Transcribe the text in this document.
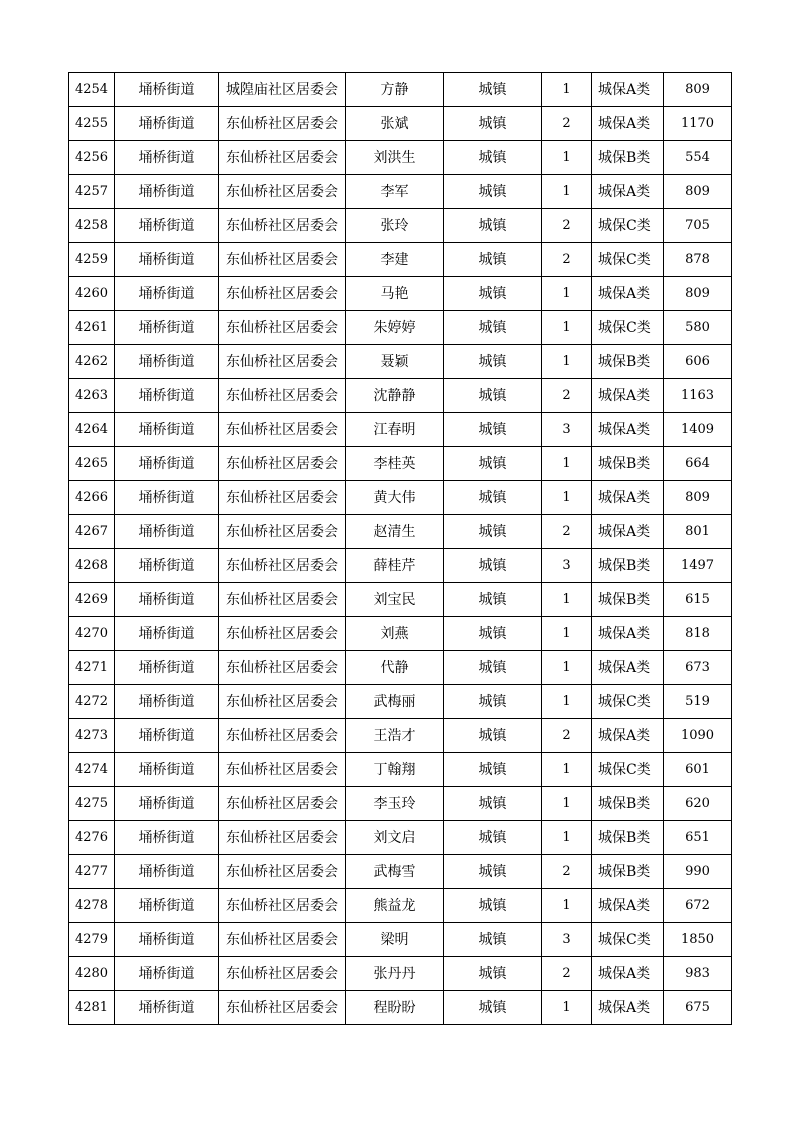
4254	埇桥街道	城隍庙社区居委会	方静	城镇	1	城保A类	809
4255	埇桥街道	东仙桥社区居委会	张斌	城镇	2	城保A类	1170
4256	埇桥街道	东仙桥社区居委会	刘洪生	城镇	1	城保B类	554
4257	埇桥街道	东仙桥社区居委会	李军	城镇	1	城保A类	809
4258	埇桥街道	东仙桥社区居委会	张玲	城镇	2	城保C类	705
4259	埇桥街道	东仙桥社区居委会	李建	城镇	2	城保C类	878
4260	埇桥街道	东仙桥社区居委会	马艳	城镇	1	城保A类	809
4261	埇桥街道	东仙桥社区居委会	朱婷婷	城镇	1	城保C类	580
4262	埇桥街道	东仙桥社区居委会	聂颖	城镇	1	城保B类	606
4263	埇桥街道	东仙桥社区居委会	沈静静	城镇	2	城保A类	1163
4264	埇桥街道	东仙桥社区居委会	江春明	城镇	3	城保A类	1409
4265	埇桥街道	东仙桥社区居委会	李桂英	城镇	1	城保B类	664
4266	埇桥街道	东仙桥社区居委会	黄大伟	城镇	1	城保A类	809
4267	埇桥街道	东仙桥社区居委会	赵清生	城镇	2	城保A类	801
4268	埇桥街道	东仙桥社区居委会	薛桂芹	城镇	3	城保B类	1497
4269	埇桥街道	东仙桥社区居委会	刘宝民	城镇	1	城保B类	615
4270	埇桥街道	东仙桥社区居委会	刘燕	城镇	1	城保A类	818
4271	埇桥街道	东仙桥社区居委会	代静	城镇	1	城保A类	673
4272	埇桥街道	东仙桥社区居委会	武梅丽	城镇	1	城保C类	519
4273	埇桥街道	东仙桥社区居委会	王浩才	城镇	2	城保A类	1090
4274	埇桥街道	东仙桥社区居委会	丁翰翔	城镇	1	城保C类	601
4275	埇桥街道	东仙桥社区居委会	李玉玲	城镇	1	城保B类	620
4276	埇桥街道	东仙桥社区居委会	刘文启	城镇	1	城保B类	651
4277	埇桥街道	东仙桥社区居委会	武梅雪	城镇	2	城保B类	990
4278	埇桥街道	东仙桥社区居委会	熊益龙	城镇	1	城保A类	672
4279	埇桥街道	东仙桥社区居委会	梁明	城镇	3	城保C类	1850
4280	埇桥街道	东仙桥社区居委会	张丹丹	城镇	2	城保A类	983
4281	埇桥街道	东仙桥社区居委会	程盼盼	城镇	1	城保A类	675
